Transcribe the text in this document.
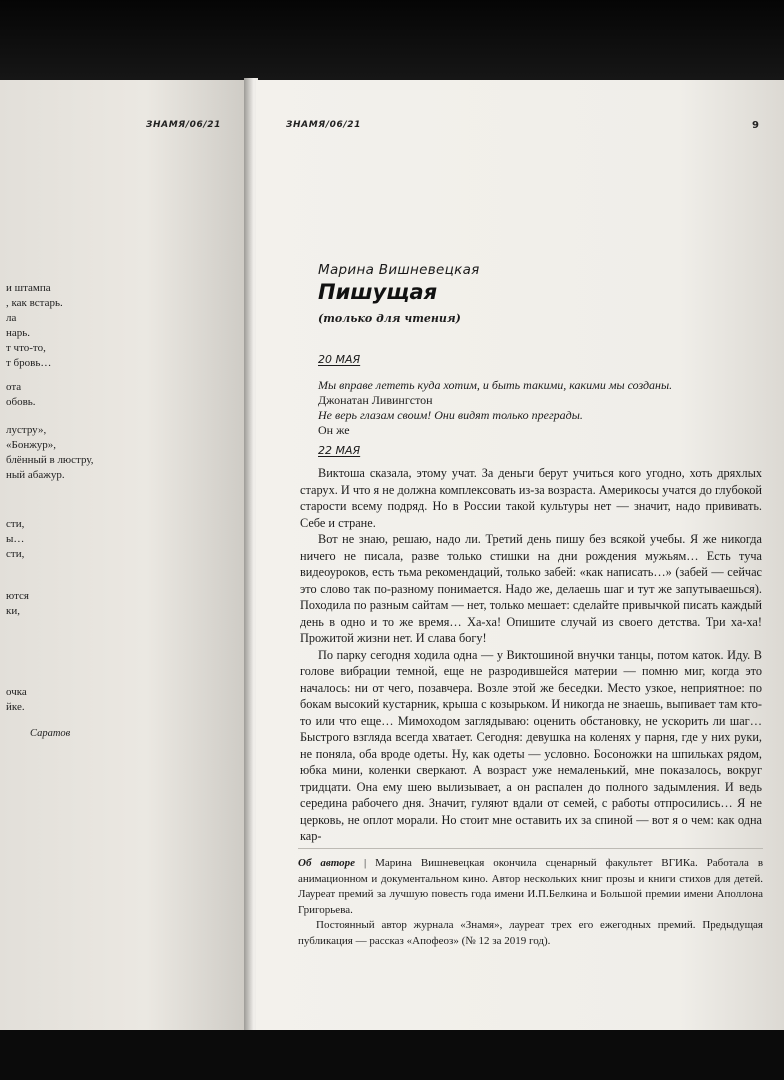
ЗНАМЯ/06/21
и штампа
, как встарь.
ла
нарь.
т что-то,
т бровь…
ота
обовь.
лустру»,
«Бонжур»,
блённый в люстру,
ный абажур.
сти,
ы…
сти,
ются
ки,
очка
йке.
Саратов
ЗНАМЯ/06/21	9
Марина Вишневецкая
Пишущая
(только для чтения)
20 МАЯ
Мы вправе лететь куда хотим, и быть такими, какими мы созданы.
Джонатан Ливингстон
Не верь глазам своим! Они видят только преграды.
Он же
22 МАЯ

Виктоша сказала, этому учат. За деньги берут учиться кого угодно, хоть дряхлых старух. И что я не должна комплексовать из-за возраста. Америкосы учатся до глубокой старости всему подряд. Но в России такой культуры нет — значит, надо прививать. Себе и стране.

Вот не знаю, решаю, надо ли. Третий день пишу без всякой учебы. Я же никогда ничего не писала, разве только стишки на дни рождения мужьям… Есть туча видеоуроков, есть тьма рекомендаций, только забей: «как написать…» (забей — сейчас это слово так по-разному понимается. Надо же, делаешь шаг и тут же запутываешься). Походила по разным сайтам — нет, только мешает: сделайте привычкой писать каждый день в одно и то же время… Ха-ха! Опишите случай из своего детства. Три ха-ха! Прожитой жизни нет. И слава богу!

По парку сегодня ходила одна — у Виктошиной внучки танцы, потом каток. Иду. В голове вибрации темной, еще не разродившейся материи — помню миг, когда это началось: ни от чего, позавчера. Возле этой же беседки. Место узкое, неприятное: по бокам высокий кустарник, крыша с козырьком. И никогда не знаешь, выпивает там кто-то или что еще… Мимоходом заглядываю: оценить обстановку, не ускорить ли шаг… Быстрого взгляда всегда хватает. Сегодня: девушка на коленях у парня, где у них руки, не поняла, оба вроде одеты. Ну, как одеты — условно. Босоножки на шпильках рядом, юбка мини, коленки сверкают. А возраст уже немаленький, мне показалось, вокруг тридцати. Она ему шею вылизывает, а он распален до полного задымления. И ведь середина рабочего дня. Значит, гуляют вдали от семей, с работы отпросились… Я не церковь, не оплот морали. Но стоит мне оставить их за спиной — вот я о чем: как одна кар-

Об авторе | Марина Вишневецкая окончила сценарный факультет ВГИКа. Работала в анимационном и документальном кино. Автор нескольких книг прозы и книги стихов для детей. Лауреат премий за лучшую повесть года имени И.П.Белкина и Большой премии имени Аполлона Григорьева.

Постоянный автор журнала «Знамя», лауреат трех его ежегодных премий. Предыдущая публикация — рассказ «Апофеоз» (№ 12 за 2019 год).
